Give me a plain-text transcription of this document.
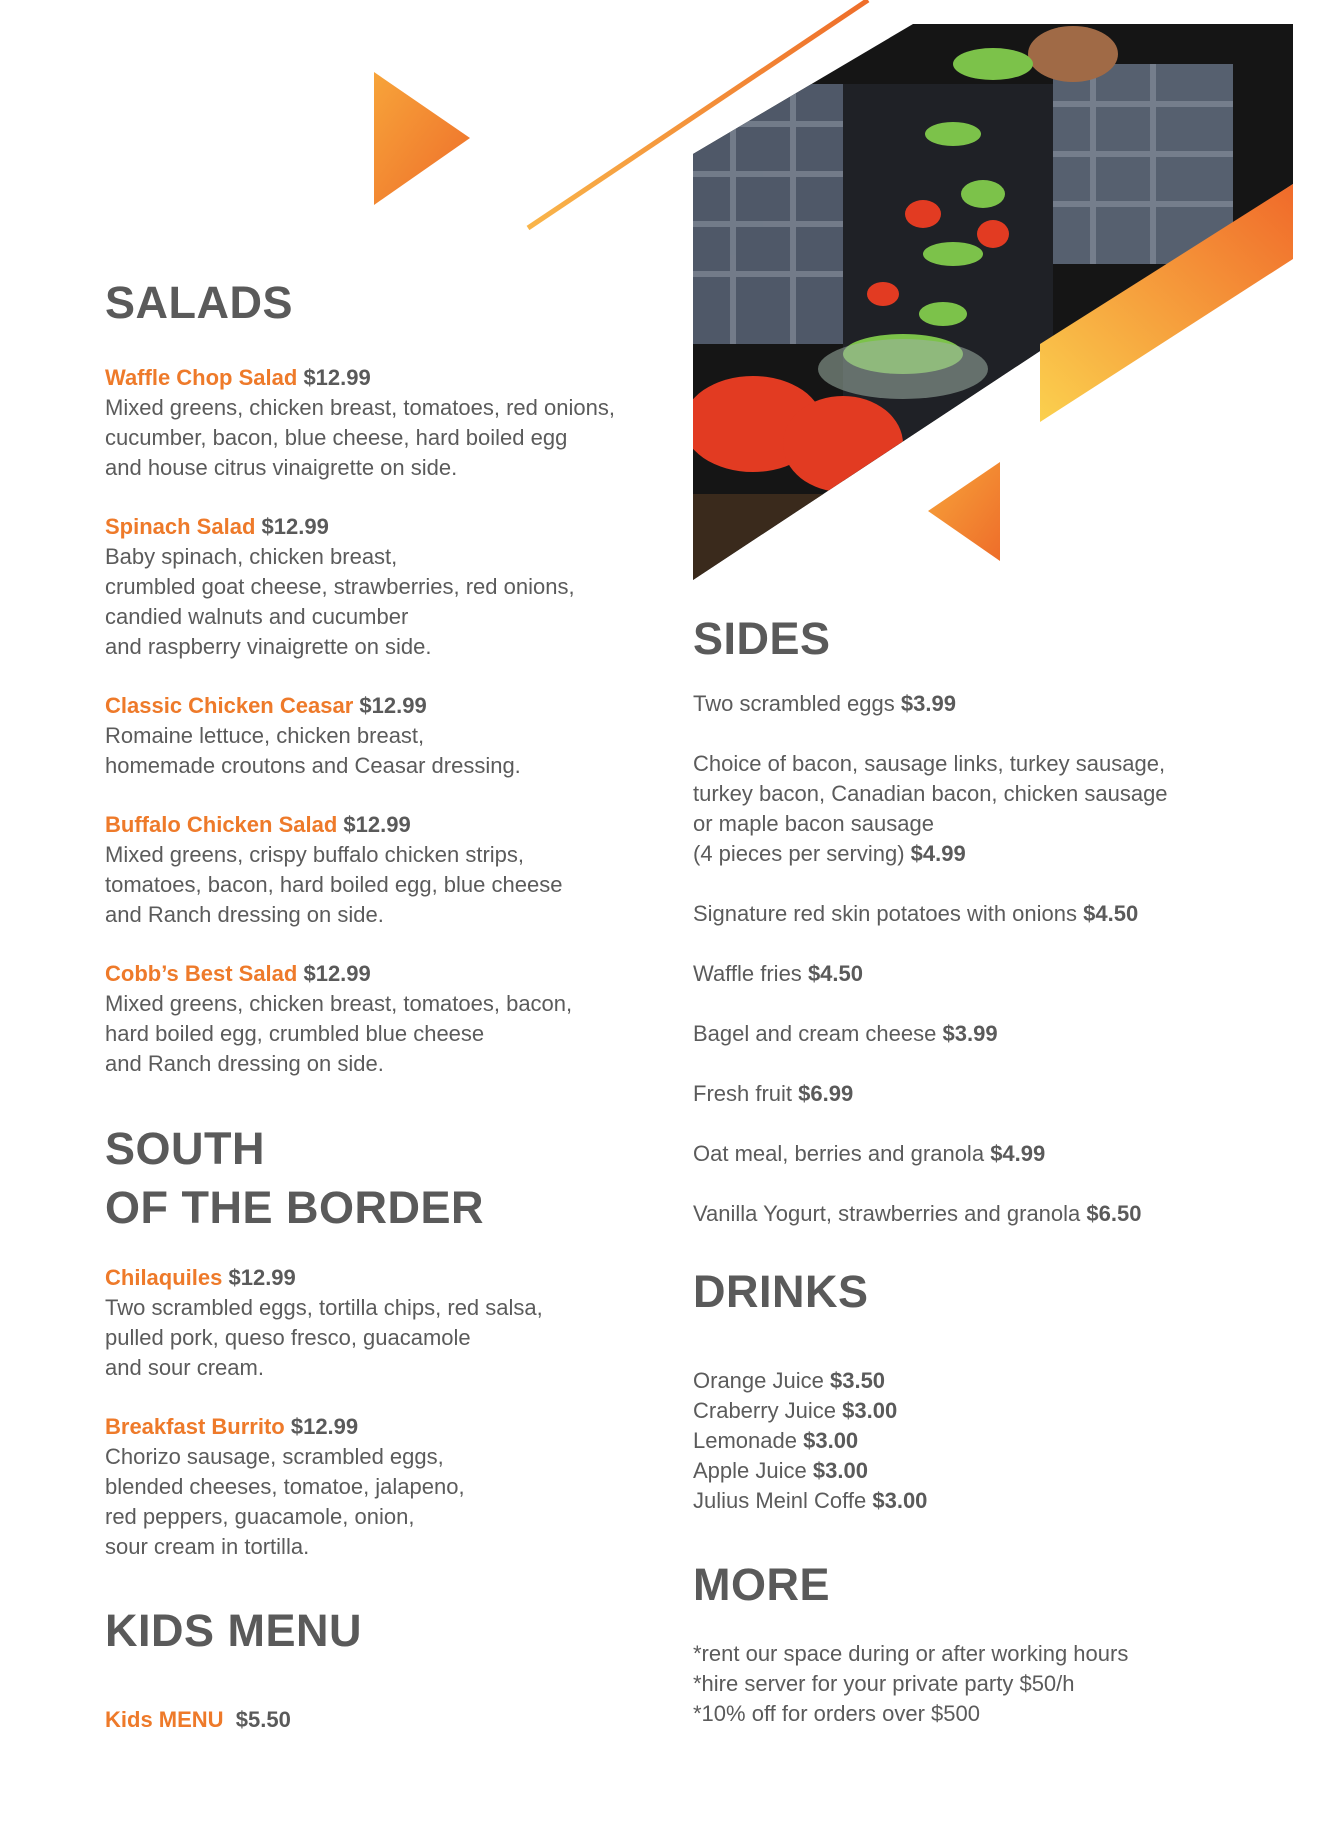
SALADS
Waffle Chop Salad $12.99
Mixed greens, chicken breast, tomatoes, red onions,
cucumber, bacon, blue cheese, hard boiled egg
and house citrus vinaigrette on side.
Spinach Salad $12.99
Baby spinach, chicken breast,
crumbled goat cheese, strawberries, red onions,
candied walnuts and cucumber
and raspberry vinaigrette on side.
Classic Chicken Ceasar $12.99
Romaine lettuce, chicken breast,
homemade croutons and Ceasar dressing.
Buffalo Chicken Salad $12.99
Mixed greens, crispy buffalo chicken strips,
tomatoes, bacon, hard boiled egg, blue cheese
and Ranch dressing on side.
Cobb’s Best Salad $12.99
Mixed greens, chicken breast, tomatoes, bacon,
hard boiled egg, crumbled blue cheese
and Ranch dressing on side.
SOUTH
OF THE BORDER
Chilaquiles $12.99
Two scrambled eggs, tortilla chips, red salsa,
pulled pork, queso fresco, guacamole
and sour cream.
Breakfast Burrito $12.99
Chorizo sausage, scrambled eggs,
blended cheeses, tomatoe, jalapeno,
red peppers, guacamole, onion,
sour cream in tortilla.
KIDS MENU
Kids MENU $5.50
SIDES
Two scrambled eggs $3.99
Choice of bacon, sausage links, turkey sausage,
turkey bacon, Canadian bacon, chicken sausage
or maple bacon sausage
(4 pieces per serving) $4.99
Signature red skin potatoes with onions $4.50
Waffle fries $4.50
Bagel and cream cheese $3.99
Fresh fruit $6.99
Oat meal, berries and granola $4.99
Vanilla Yogurt, strawberries and granola $6.50
DRINKS
Orange Juice $3.50
Craberry Juice $3.00
Lemonade $3.00
Apple Juice $3.00
Julius Meinl Coffe $3.00
MORE
*rent our space during or after working hours
*hire server for your private party $50/h
*10% off for orders over $500
